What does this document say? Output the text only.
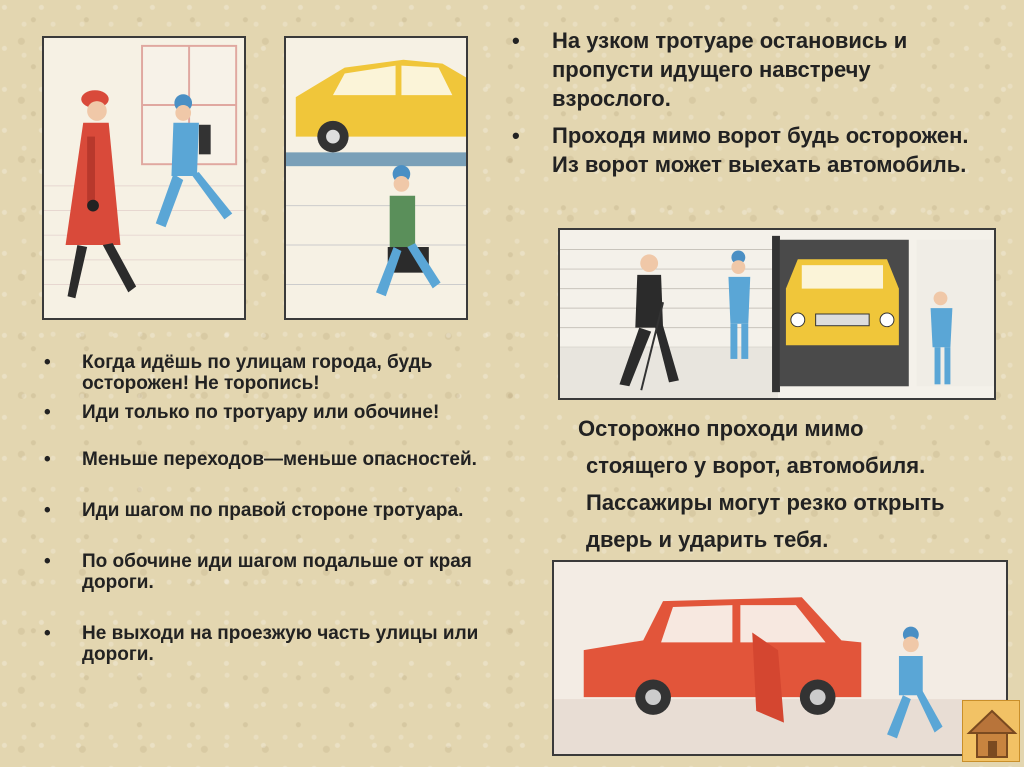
• На узком тротуаре остановись и пропусти идущего навстречу взрослого.
• Проходя мимо ворот будь осторожен. Из ворот может выехать автомобиль.
• Когда идёшь по улицам города, будь осторожен! Не торопись!
• Иди только по тротуару или обочине!
• Меньше переходов—меньше опасностей.
• Иди шагом по правой стороне тротуара.
• По обочине иди шагом подальше от края дороги.
• Не выходи на проезжую часть улицы или дороги.
Осторожно проходи мимо
стоящего у ворот, автомобиля.
Пассажиры могут резко открыть
дверь и ударить тебя.
